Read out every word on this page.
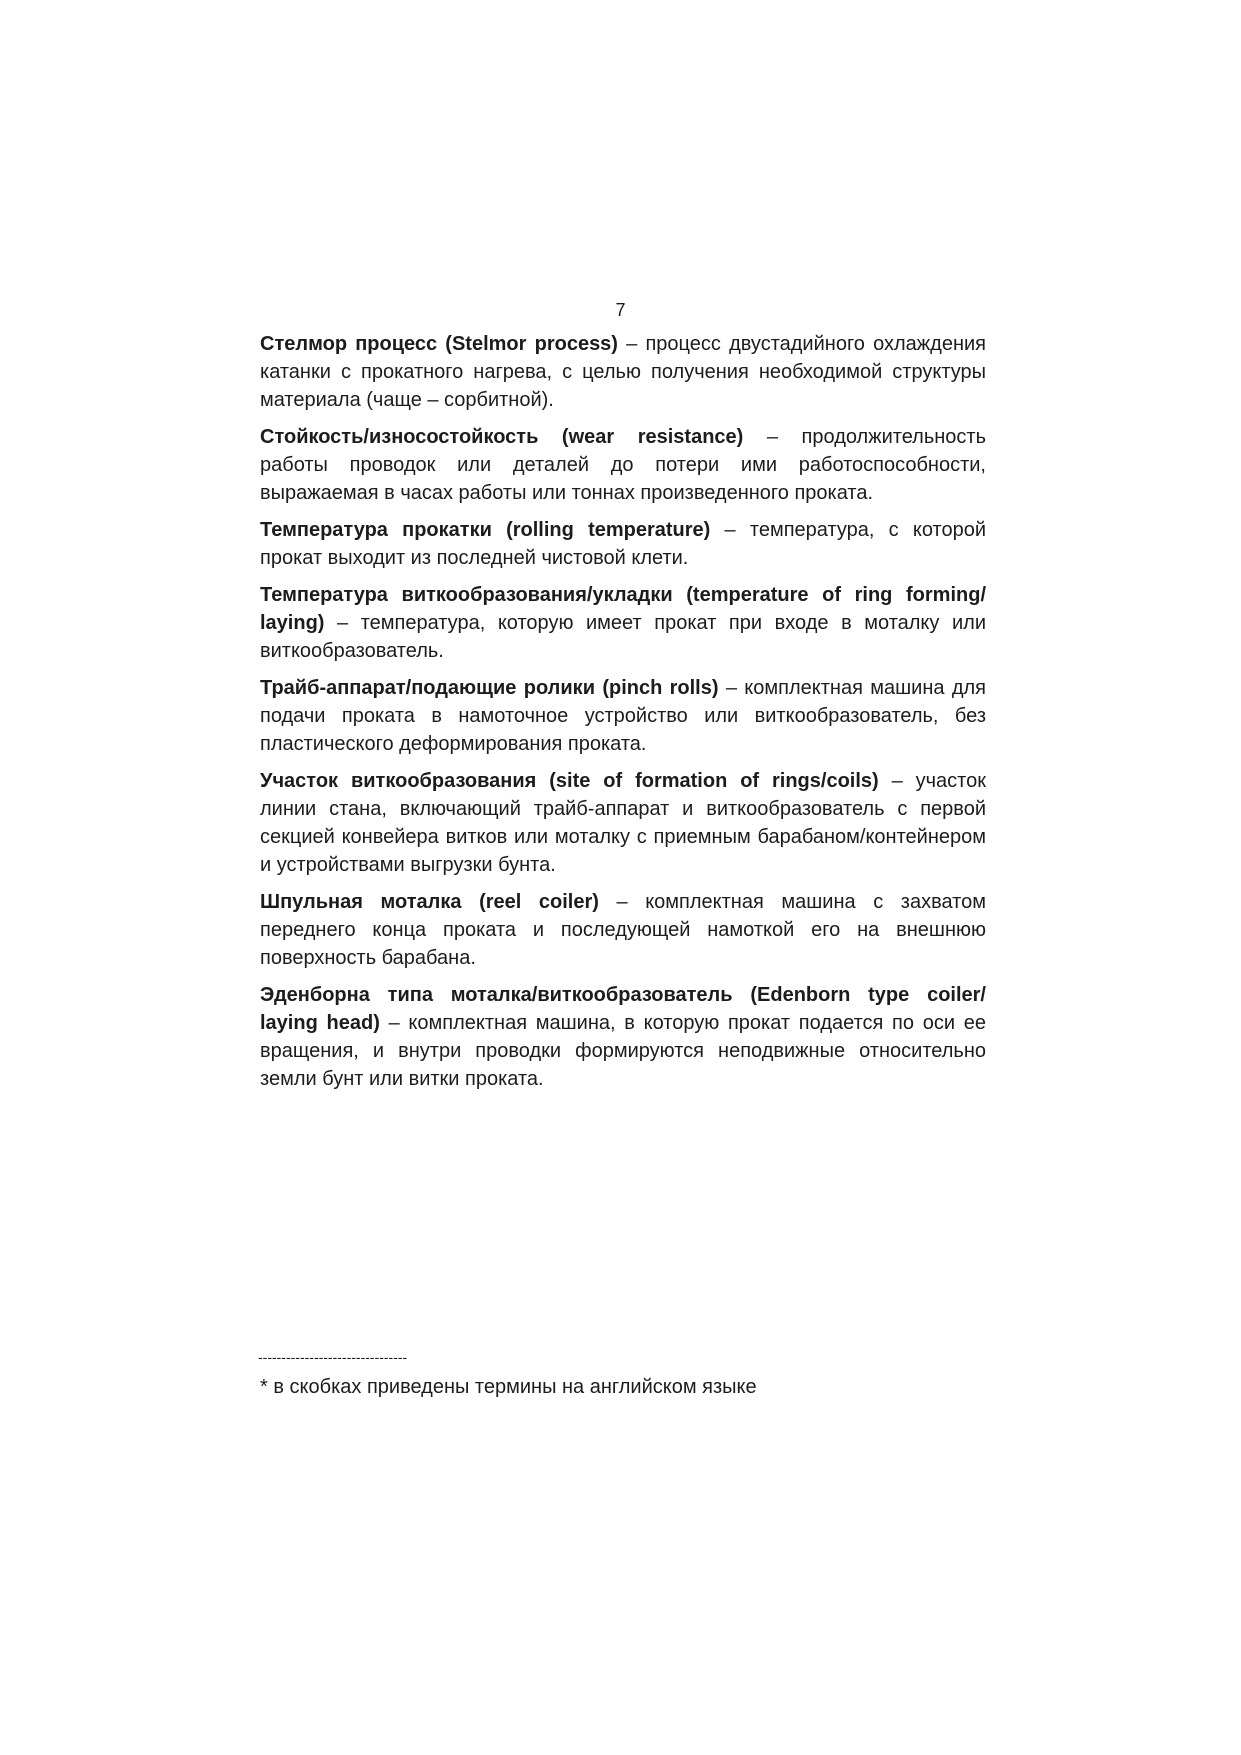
7

Стелмор процесс (Stelmor process) – процесс двустадийного охлаждения катанки с прокатного нагрева, с целью получения необходимой структуры материала (чаще – сорбитной).

Стойкость/износостойкость (wear resistance) – продолжительность работы проводок или деталей до потери ими работоспособности, выражаемая в часах работы или тоннах произведенного проката.

Температура прокатки (rolling temperature) – температура, с которой прокат выходит из последней чистовой клети.

Температура виткообразования/укладки (temperature of ring forming/ laying) – температура, которую имеет прокат при входе в моталку или виткообразователь.

Трайб-аппарат/подающие ролики (pinch rolls) – комплектная машина для подачи проката в намоточное устройство или виткообразователь, без пластического деформирования проката.

Участок виткообразования (site of formation of rings/coils) – участок линии стана, включающий трайб-аппарат и виткообразователь с первой секцией конвейера витков или моталку с приемным барабаном/контейнером и устройствами выгрузки бунта.

Шпульная моталка (reel coiler) – комплектная машина с захватом переднего конца проката и последующей намоткой его на внешнюю поверхность барабана.

Эденборна типа моталка/виткообразователь (Edenborn type coiler/ laying head) – комплектная машина, в которую прокат подается по оси ее вращения, и внутри проводки формируются неподвижные относительно земли бунт или витки проката.

--------------------------------
* в скобках приведены термины на английском языке
